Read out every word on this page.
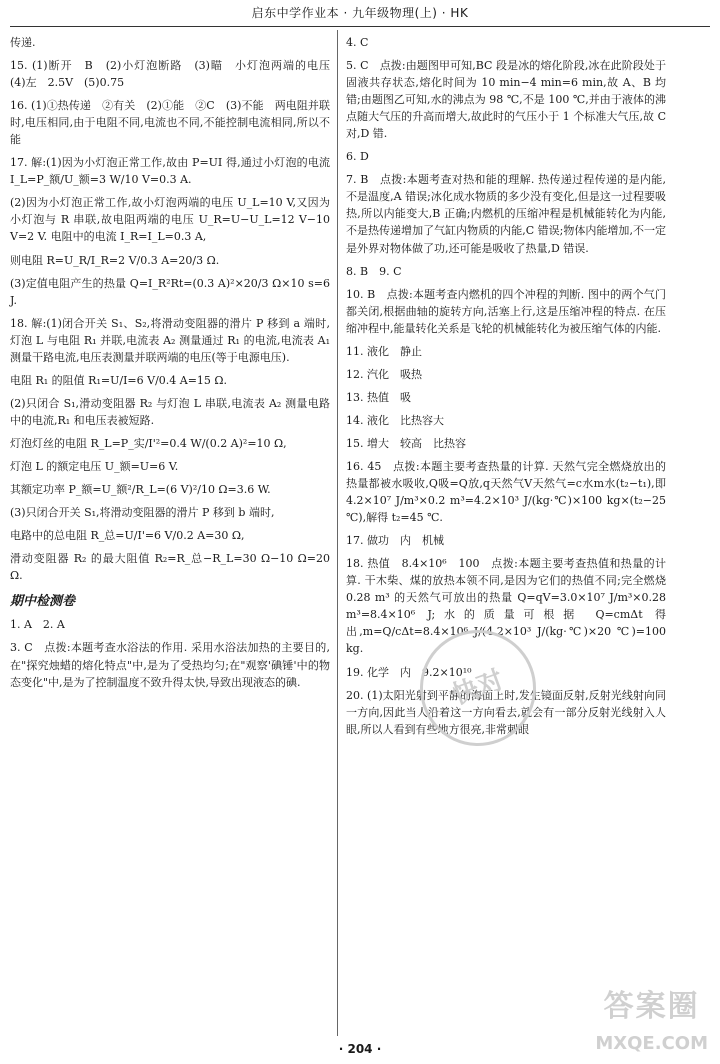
启东中学作业本 · 九年级物理(上) · HK

传递.

15. (1)断开　B　(2)小灯泡断路　(3)瞄　小灯泡两端的电压　(4)左　2.5V　(5)0.75

16. (1)①热传递　②有关　(2)①能　②C　(3)不能　两电阻并联时,电压相同,由于电阻不同,电流也不同,不能控制电流相同,所以不能

17. 解:(1)因为小灯泡正常工作,故由 P=UI 得,通过小灯泡的电流 I_L=P_额/U_额=3 W/10 V=0.3 A.

(2)因为小灯泡正常工作,故小灯泡两端的电压 U_L=10 V,又因为小灯泡与 R 串联,故电阻两端的电压 U_R=U−U_L=12 V−10 V=2 V. 电阻中的电流 I_R=I_L=0.3 A,

则电阻 R=U_R/I_R=2 V/0.3 A=20/3 Ω.

(3)定值电阻产生的热量 Q=I_R²Rt=(0.3 A)²×20/3 Ω×10 s=6 J.

18. 解:(1)闭合开关 S₁、S₂,将滑动变阻器的滑片 P 移到 a 端时,灯泡 L 与电阻 R₁ 并联,电流表 A₂ 测量通过 R₁ 的电流,电流表 A₁ 测量干路电流,电压表测量并联两端的电压(等于电源电压).

电阻 R₁ 的阻值 R₁=U/I=6 V/0.4 A=15 Ω.

(2)只闭合 S₁,滑动变阻器 R₂ 与灯泡 L 串联,电流表 A₂ 测量电路中的电流,R₁ 和电压表被短路.

灯泡灯丝的电阻 R_L=P_实/I'²=0.4 W/(0.2 A)²=10 Ω,

灯泡 L 的额定电压 U_额=U=6 V.

其额定功率 P_额=U_额²/R_L=(6 V)²/10 Ω=3.6 W.

(3)只闭合开关 S₁,将滑动变阻器的滑片 P 移到 b 端时,

电路中的总电阻 R_总=U/I'=6 V/0.2 A=30 Ω,

滑动变阻器 R₂ 的最大阻值 R₂=R_总−R_L=30 Ω−10 Ω=20 Ω.

期中检测卷

1. A　2. A

3. C　点拨:本题考查水浴法的作用. 采用水浴法加热的主要目的,在"探究烛蜡的熔化特点"中,是为了受热均匀;在"观察'碘锤'中的物态变化"中,是为了控制温度不致升得太快,导致出现液态的碘.

4. C

5. C　点拨:由题图甲可知,BC 段是冰的熔化阶段,冰在此阶段处于固液共存状态,熔化时间为 10 min−4 min=6 min,故 A、B 均错;由题图乙可知,水的沸点为 98 ℃,不是 100 ℃,并由于液体的沸点随大气压的升高而增大,故此时的气压小于 1 个标准大气压,故 C 对,D 错.

6. D

7. B　点拨:本题考查对热和能的理解. 热传递过程传递的是内能,不是温度,A 错误;冰化成水物质的多少没有变化,但是这一过程要吸热,所以内能变大,B 正确;内燃机的压缩冲程是机械能转化为内能,不是热传递增加了气缸内物质的内能,C 错误;物体内能增加,不一定是外界对物体做了功,还可能是吸收了热量,D 错误.

8. B　9. C

10. B　点拨:本题考查内燃机的四个冲程的判断. 图中的两个气门都关闭,根据曲轴的旋转方向,活塞上行,这是压缩冲程的特点. 在压缩冲程中,能量转化关系是飞轮的机械能转化为被压缩气体的内能.

11. 液化　静止

12. 汽化　吸热

13. 热值　吸

14. 液化　比热容大

15. 增大　较高　比热容

16. 45　点拨:本题主要考查热量的计算. 天然气完全燃烧放出的热量都被水吸收,Q吸=Q放,q天然气V天然气=c水m水(t₂−t₁),即 4.2×10⁷ J/m³×0.2 m³=4.2×10³ J/(kg·℃)×100 kg×(t₂−25 ℃),解得 t₂=45 ℃.

17. 做功　内　机械

18. 热值　8.4×10⁶　100　点拨:本题主要考查热值和热量的计算. 干木柴、煤的放热本领不同,是因为它们的热值不同;完全燃烧 0.28 m³ 的天然气可放出的热量 Q=qV=3.0×10⁷ J/m³×0.28 m³=8.4×10⁶ J;水的质量可根据 Q=cmΔt 得出,m=Q/cΔt=8.4×10⁶ J/(4.2×10³ J/(kg·℃)×20 ℃)=100 kg.

19. 化学　内　9.2×10¹⁰

20. (1)太阳光射到平静的海面上时,发生镜面反射,反射光线射向同一方向,因此当人沿着这一方向看去,就会有一部分反射光线射入人眼,所以人看到有些地方很亮,非常刺眼

快对
答案圈
MXQE.COM
· 204 ·
